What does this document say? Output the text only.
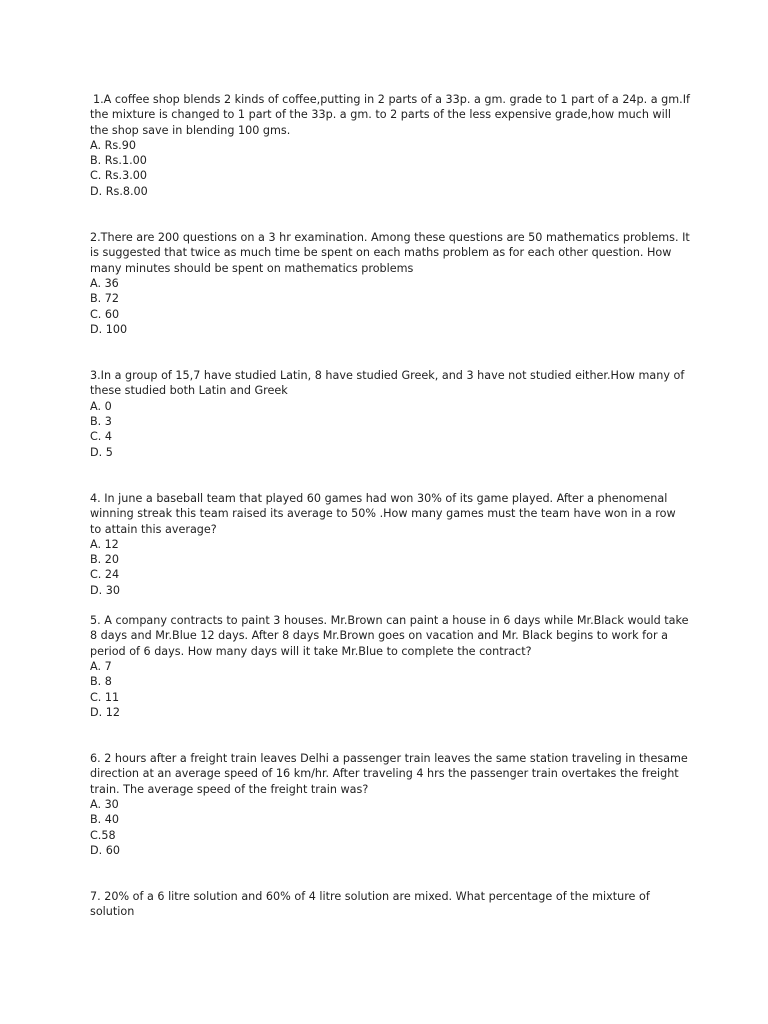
1.A coffee shop blends 2 kinds of coffee,putting in 2 parts of a 33p. a gm. grade to 1 part of a 24p. a gm.If the mixture is changed to 1 part of the 33p. a gm. to 2 parts of the less expensive grade,how much will the shop save in blending 100 gms.

A. Rs.90

B. Rs.1.00

C. Rs.3.00

D. Rs.8.00

2.There are 200 questions on a 3 hr examination. Among these questions are 50 mathematics problems. It is suggested that twice as much time be spent on each maths problem as for each other question. How many minutes should be spent on mathematics problems

A. 36

B. 72

C. 60

D. 100

3.In a group of 15,7 have studied Latin, 8 have studied Greek, and 3 have not studied either.How many of these studied both Latin and Greek

A. 0

B. 3

C. 4

D. 5

4. In june a baseball team that played 60 games had won 30% of its game played. After a phenomenal winning streak this team raised its average to 50% .How many games must the team have won in a row to attain this average?

A. 12

B. 20

C. 24

D. 30

5. A company contracts to paint 3 houses. Mr.Brown can paint a house in 6 days while Mr.Black would take 8 days and Mr.Blue 12 days. After 8 days Mr.Brown goes on vacation and Mr. Black begins to work for a period of 6 days. How many days will it take Mr.Blue to complete the contract?

A. 7

B. 8

C. 11

D. 12

6. 2 hours after a freight train leaves Delhi a passenger train leaves the same station traveling in thesame direction at an average speed of 16 km/hr. After traveling 4 hrs the passenger train overtakes the freight train. The average speed of the freight train was?

A. 30

B. 40

C.58

D. 60

7. 20% of a 6 litre solution and 60% of 4 litre solution are mixed. What percentage of the mixture of solution
